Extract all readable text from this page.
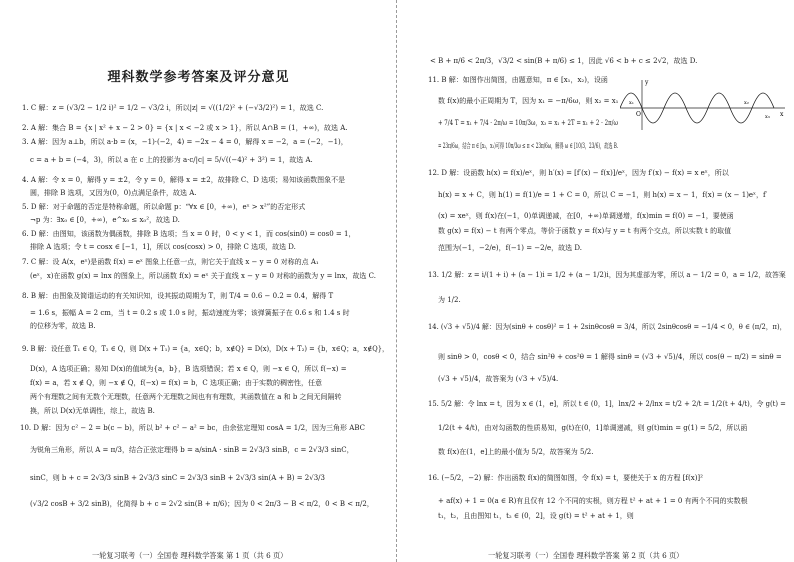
理科数学参考答案及评分意见
1. C 解：z = (√3/2 − 1/2 i)² = 1/2 − √3/2 i，所以|z| = √((1/2)² + (−√3/2)²) = 1，故选 C.
2. A 解：集合 B = {x | x² + x − 2 > 0} = {x | x < −2 或 x > 1}，所以 A∩B = (1，+∞)，故选 A.
3. A 解：因为 a⊥b，所以 a·b = (x，−1)·(−2，4) = −2x − 4 = 0，解得 x = −2，a = (−2，−1)，
c = a + b = (−4，3)，所以 a 在 c 上的投影为 a·c/|c| = 5/√((−4)² + 3²) = 1，故选 A.
4. A 解：令 x = 0，解得 y = ±2，令 y = 0，解得 x = ±2，故排除 C、D 选项；易知该函数图象不是
圆，排除 B 选项，又因为(0，0)点满足条件，故选 A.
5. D 解：对于命题的否定是特称命题，所以命题 p：“∀x ∈ [0，+∞)，eˣ > x²”的否定形式
¬p 为：∃x₀ ∈ [0，+∞)，e^x₀ ≤ x₀²，故选 D.
6. D 解：由图知，该函数为偶函数，排除 B 选项；当 x = 0 时，0 < y < 1，而 cos(sin0) = cos0 = 1，
排除 A 选项；令 t = cosx ∈ [−1，1]，所以 cos(cosx) > 0，排除 C 选项，故选 D.
7. C 解：设 A(x，eˣ)是函数 f(x) = eˣ 图象上任意一点，则它关于直线 x − y = 0 对称的点 A₁
(eˣ，x)在函数 g(x) = lnx 的图象上，所以函数 f(x) = eˣ 关于直线 x − y = 0 对称的函数为 y = lnx，故选 C.
8. B 解：由图象及简谐运动的有关知识知，设其振动周期为 T，则 T/4 = 0.6 − 0.2 = 0.4，解得 T
= 1.6 s，振幅 A = 2 cm，当 t = 0.2 s 或 1.0 s 时，振动速度为零；该弹簧振子在 0.6 s 和 1.4 s 时
的位移为零，故选 B.
9. B 解：设任意 T₁ ∈ Q，T₂ ∈ Q，则 D(x + T₁) = {a，x∈Q；b，x∉Q} = D(x)，D(x + T₂) = {b，x∈Q；a，x∉Q}，
D(x)，A 选项正确；易知 D(x)的值域为{a，b}，B 选项错误；若 x ∈ Q，则 −x ∈ Q，所以 f(−x) =
f(x) = a，若 x ∉ Q，则 −x ∉ Q，f(−x) = f(x) = b，C 选项正确；由于实数的稠密性，任意
两个有理数之间有无数个无理数，任意两个无理数之间也有有理数，其函数值在 a 和 b 之间无间隔转
换，所以 D(x)无单调性，综上，故选 B.
10. D 解：因为 c² − 2 = b(c − b)，所以 b² + c² − a² = bc，由余弦定理知 cosA = 1/2，因为三角形 ABC
为锐角三角形，所以 A = π/3，结合正弦定理得 b = a/sinA · sinB = 2√3/3 sinB，c = 2√3/3 sinC，
sinC，则 b + c = 2√3/3 sinB + 2√3/3 sinC = 2√3/3 sinB + 2√3/3 sin(A + B) = 2√3/3
(√3/2 cosB + 3/2 sinB)，化简得 b + c = 2√2 sin(B + π/6)；因为 0 < 2π/3 − B < π/2，0 < B < π/2，
< B + π/6 < 2π/3，√3/2 < sin(B + π/6) ≤ 1，因此 √6 < b + c ≤ 2√2，故选 D.
11. B 解：如图作出简图，由题意知，π ∈ [x₁，x₂)，设函
数 f(x)的最小正周期为 T，因为 x₁ = −π/6ω，则 x₂ = x₁
+ 7/4 T = x₁ + 7/4 · 2π/ω = 10π/3ω，x₃ = x₁ + 2T = x₁ + 2 · 2π/ω
= 23π/6ω，结合 π ∈ [x₂，x₃)可得 10π/3ω ≤ π < 23π/6ω，解得 ω ∈ [10/3，23/6)，故选 B.
12. D 解：设函数 h(x) = f(x)/eˣ，则 h′(x) = [f′(x) − f(x)]/eˣ，因为 f′(x) − f(x) = x eˣ，所以
h(x) = x + C，则 h(1) = f(1)/e = 1 + C = 0，所以 C = −1，则 h(x) = x − 1，f(x) = (x − 1)eˣ，f′
(x) = xeˣ，则 f(x)在(−1，0)单调递减，在[0，+∞)单调递增，f(x)min = f(0) = −1，要使函
数 g(x) = f(x) − t 有两个零点，等价于函数 y = f(x)与 y = t 有两个交点，所以实数 t 的取值
范围为(−1，−2/e)，f(−1) = −2/e，故选 D.
13. 1/2 解：z = i/(1 + i) + (a − 1)i = 1/2 + (a − 1/2)i，因为其虚部为零，所以 a − 1/2 = 0，a = 1/2，故答案
为 1/2.
14. (√3 + √5)/4 解：因为(sinθ + cosθ)² = 1 + 2sinθcosθ = 3/4，所以 2sinθcosθ = −1/4 < 0，θ ∈ (π/2，π)，
则 sinθ > 0，cosθ < 0，结合 sin²θ + cos²θ = 1 解得 sinθ = (√3 + √5)/4，所以 cos(θ − π/2) = sinθ =
(√3 + √5)/4，故答案为 (√3 + √5)/4.
15. 5/2 解：令 lnx = t，因为 x ∈ (1，e]，所以 t ∈ (0，1]，lnx/2 + 2/lnx = t/2 + 2/t = 1/2(t + 4/t)，令 g(t) =
1/2(t + 4/t)，由对勾函数的性质易知，g(t)在(0，1]单调递减，则 g(t)min = g(1) = 5/2，所以函
数 f(x)在(1，e]上的最小值为 5/2，故答案为 5/2.
16. (−5/2，−2) 解：作出函数 f(x)的简图如图，令 f(x) = t，要使关于 x 的方程 [f(x)]²
+ af(x) + 1 = 0(a ∈ R)有且仅有 12 个不同的实根，则方程 t² + at + 1 = 0 有两个不同的实数根
t₁，t₂，且由图知 t₁，t₂ ∈ (0，2]，设 g(t) = t² + at + 1，则
y
O	x
x₁	x₂
x₃
一轮复习联考（一）全国卷 理科数学答案 第 1 页（共 6 页）	一轮复习联考（一）全国卷 理科数学答案 第 2 页（共 6 页）
